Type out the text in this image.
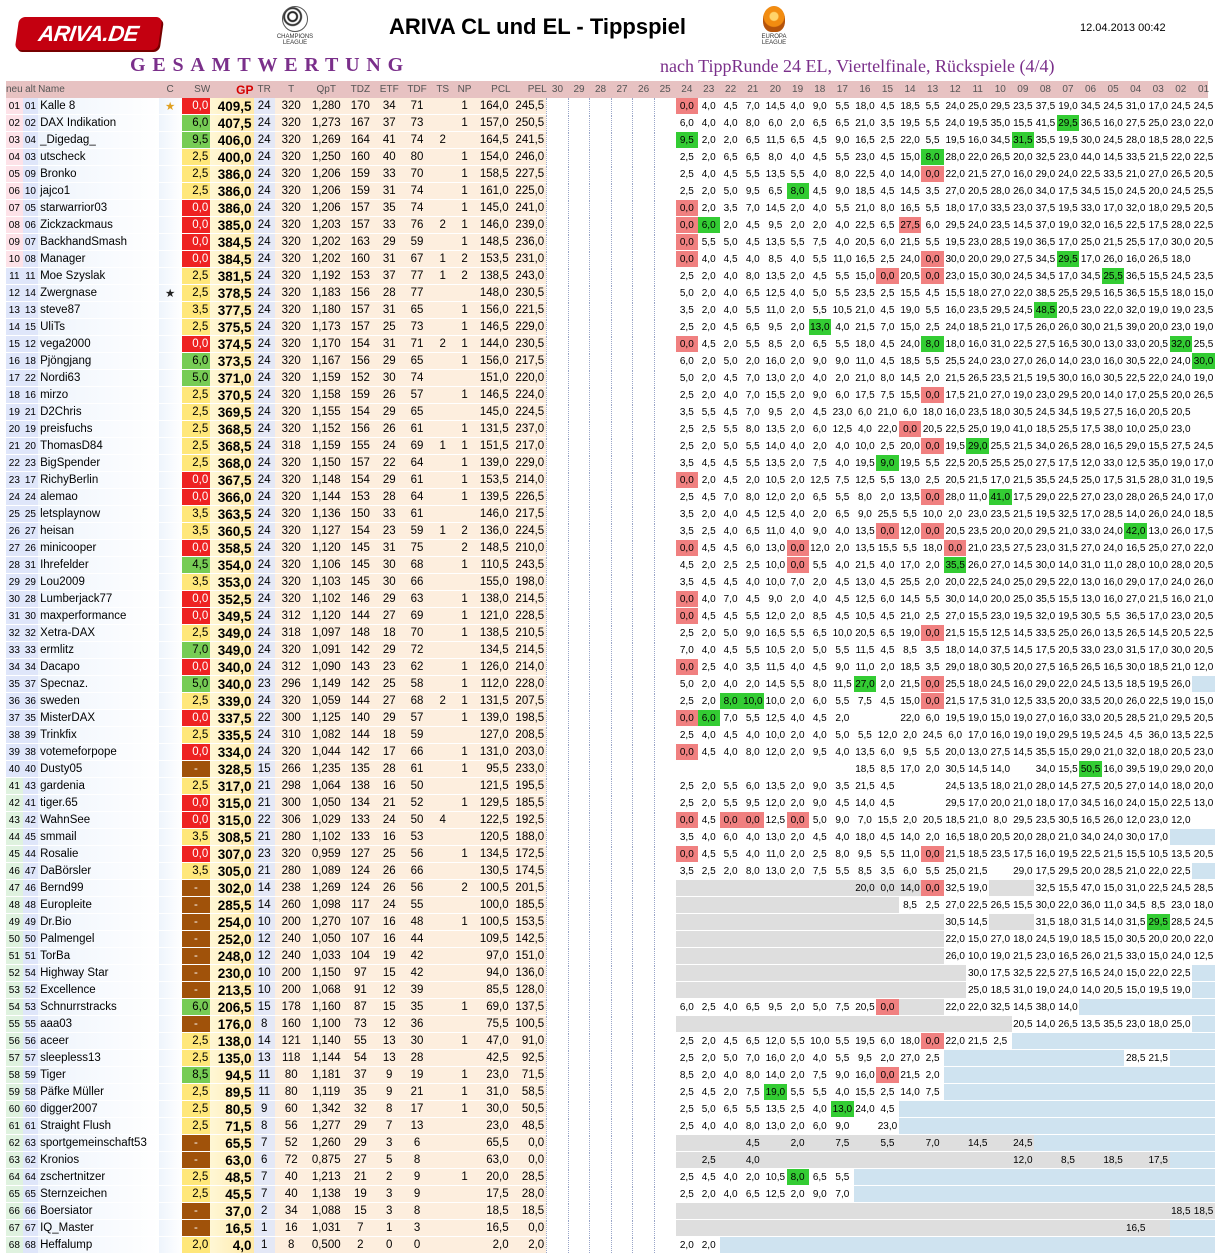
ARIVA.DE	CHAMPIONS
LEAGUE
ARIVA CL und EL - Tippspiel	EUROPA
LEAGUE
12.04.2013 00:42
GESAMTWERTUNG	nach TippRunde 24 EL, Viertelfinale, Rückspiele (4/4)
neu	alt	Name	C	SW	GP	TR	T	QpT	TDZ	ETF	TDF	TS	NP	PCL	PEL	30	29	28	27	26	25	24	23	22	21	20	19	18	17	16	15	14	13	12	11	10	09	08	07	06	05	04	03	02	01
01	01	Kalle 8	★	0,0	409,5	24	320	1,280	170	34	71		1	164,0	245,5							0,0	4,0	4,5	7,0	14,5	4,0	9,0	5,5	18,0	4,5	18,5	5,5	24,0	25,0	29,5	23,5	37,5	19,0	34,5	24,5	31,0	17,0	24,5	24,5
02	02	DAX Indikation		6,0	407,5	24	320	1,273	167	37	73		1	157,0	250,5							6,0	4,0	4,0	8,0	6,0	2,0	6,5	6,5	21,0	3,5	19,5	5,5	24,0	19,5	35,0	15,5	41,5	29,5	36,5	16,0	27,5	25,0	23,0	22,0
03	04	_Digedag_		9,5	406,0	24	320	1,269	164	41	74	2		164,5	241,5							9,5	2,0	2,0	6,5	11,5	6,5	4,5	9,0	16,5	2,5	22,0	5,5	19,5	16,0	34,5	31,5	35,5	19,5	30,0	24,5	28,0	18,5	28,0	22,5
04	03	utscheck		2,5	400,0	24	320	1,250	160	40	80		1	154,0	246,0							2,5	2,0	6,5	6,5	8,0	4,0	4,5	5,5	23,0	4,5	15,0	8,0	28,0	22,0	26,5	20,0	32,5	23,0	44,0	14,5	33,5	21,5	22,0	22,5
05	09	Bronko		2,5	386,0	24	320	1,206	159	33	70		1	158,5	227,5							2,5	4,0	4,5	5,5	13,5	5,5	4,0	8,0	22,5	4,0	14,0	0,0	22,0	21,5	27,0	16,0	29,0	24,0	22,5	33,5	21,0	27,0	26,5	20,5
06	10	jajco1		2,5	386,0	24	320	1,206	159	31	74		1	161,0	225,0							2,5	2,0	5,0	9,5	6,5	8,0	4,5	9,0	18,5	4,5	14,5	3,5	27,0	20,5	28,0	26,0	34,0	17,5	34,5	15,0	24,5	20,0	24,5	25,5
07	05	starwarrior03		0,0	386,0	24	320	1,206	157	35	74		1	145,0	241,0							0,0	2,0	3,5	7,0	14,5	2,0	4,0	5,5	21,0	8,0	16,5	5,5	18,0	17,0	33,5	23,0	37,5	19,5	33,0	17,0	32,0	18,0	29,5	20,5
08	06	Zickzackmaus		0,0	385,0	24	320	1,203	157	33	76	2	1	146,0	239,0							0,0	6,0	2,0	4,5	9,5	2,0	2,0	4,0	22,5	6,5	27,5	6,0	29,5	24,0	23,5	14,5	37,0	19,0	32,0	16,5	22,5	17,5	28,0	22,5
09	07	BackhandSmash		0,0	384,5	24	320	1,202	163	29	59		1	148,5	236,0							0,0	5,5	5,0	4,5	13,5	5,5	7,5	4,0	20,5	6,0	21,5	5,5	19,5	23,0	28,5	19,0	36,5	17,0	25,0	21,5	25,5	17,0	30,0	20,5
10	08	Manager		0,0	384,5	24	320	1,202	160	31	67	1	2	153,5	231,0							0,0	4,0	4,5	4,0	8,5	4,0	5,5	11,0	16,5	2,5	24,0	0,0	30,0	20,0	29,0	27,5	34,5	29,5	17,0	26,0	16,0	26,5	18,0	
11	11	Moe Szyslak		2,5	381,5	24	320	1,192	153	37	77	1	2	138,5	243,0							2,5	2,0	4,0	8,0	13,5	2,0	4,5	5,5	15,0	0,0	20,5	0,0	23,0	15,0	30,0	24,5	34,5	17,0	34,5	25,5	36,5	15,5	24,5	23,5
12	14	Zwergnase	★	2,5	378,5	24	320	1,183	156	28	77			148,0	230,5							5,0	2,0	4,0	6,5	12,5	4,0	5,0	5,5	23,5	2,5	15,5	4,5	15,5	18,0	27,0	22,0	38,5	25,5	29,5	16,5	36,5	15,5	18,0	15,0
13	13	steve87		3,5	377,5	24	320	1,180	157	31	65		1	156,0	221,5							3,5	2,0	4,0	5,5	11,0	2,0	5,5	10,5	21,0	4,5	19,0	5,5	16,0	23,5	29,5	24,5	48,5	20,5	23,0	22,0	32,0	19,0	19,0	23,5
14	15	UliTs		2,5	375,5	24	320	1,173	157	25	73		1	146,5	229,0							2,5	2,0	4,5	6,5	9,5	2,0	13,0	4,0	21,5	7,0	15,0	2,5	24,0	18,5	21,0	17,5	26,0	26,0	30,0	21,5	39,0	20,0	23,0	19,0
15	12	vega2000		0,0	374,5	24	320	1,170	154	31	71	2	1	144,0	230,5							0,0	4,5	2,0	5,5	8,5	2,0	6,5	5,5	18,0	4,5	24,0	8,0	18,0	16,0	31,0	22,5	27,5	16,5	30,0	13,0	33,0	20,5	32,0	25,5
16	18	Pjöngjang		6,0	373,5	24	320	1,167	156	29	65		1	156,0	217,5							6,0	2,0	5,0	2,0	16,0	2,0	9,0	9,0	11,0	4,5	18,5	5,5	25,5	24,0	23,0	27,0	26,0	14,0	23,0	16,0	30,5	22,0	24,0	30,0
17	22	Nordi63		5,0	371,0	24	320	1,159	152	30	74			151,0	220,0							5,0	2,0	4,5	7,0	13,0	2,0	4,0	2,0	21,0	8,0	14,5	2,0	21,5	26,5	23,5	21,5	19,5	30,0	16,0	30,5	22,5	22,0	24,0	19,0
18	16	mirzo		2,5	370,5	24	320	1,158	159	26	57		1	146,5	224,0							2,5	2,0	4,0	7,0	15,5	2,0	9,0	6,0	17,5	7,5	15,5	0,0	17,5	21,0	27,0	19,0	23,0	29,5	20,0	14,0	17,0	25,5	20,0	26,5
19	21	D2Chris		2,5	369,5	24	320	1,155	154	29	65			145,0	224,5							3,5	5,5	4,5	7,0	9,5	2,0	4,5	23,0	6,0	21,0	6,0	18,0	16,0	23,5	18,0	30,5	24,5	34,5	19,5	27,5	16,0	20,5	20,5	
20	19	preisfuchs		2,5	368,5	24	320	1,152	156	26	61		1	131,5	237,0							2,5	2,5	5,5	8,0	13,5	2,0	6,0	12,5	4,0	22,0	0,0	20,5	22,5	25,0	19,0	41,0	18,5	25,5	17,5	38,0	10,0	25,0	23,0	
21	20	ThomasD84		2,5	368,5	24	318	1,159	155	24	69	1	1	151,5	217,0							2,5	2,0	5,0	5,5	14,0	4,0	2,0	4,0	10,0	2,5	20,0	0,0	19,5	29,0	25,5	21,5	34,0	26,5	28,0	16,5	29,0	15,5	27,5	24,5
22	23	BigSpender		2,5	368,0	24	320	1,150	157	22	64		1	139,0	229,0							3,5	4,5	4,5	5,5	13,5	2,0	7,5	4,0	19,5	9,0	19,5	5,5	22,5	20,5	25,5	25,0	27,5	17,5	12,0	33,0	12,5	35,0	19,0	17,0
23	17	RichyBerlin		0,0	367,5	24	320	1,148	154	29	61		1	153,5	214,0							0,0	2,0	4,5	2,0	10,5	2,0	12,5	7,5	12,5	5,5	13,0	2,5	20,5	21,5	17,0	21,5	35,5	24,5	25,0	17,5	31,5	28,0	31,0	19,5
24	24	alemao		0,0	366,0	24	320	1,144	153	28	64		1	139,5	226,5							2,5	4,5	7,0	8,0	12,0	2,0	6,5	5,5	8,0	2,0	13,5	0,0	28,0	11,0	41,0	17,5	29,0	22,5	27,0	23,0	28,0	26,5	24,0	17,0
25	25	letsplaynow		3,5	363,5	24	320	1,136	150	33	61			146,0	217,5							3,5	2,0	4,0	4,5	12,5	4,0	2,0	6,5	9,0	25,5	5,5	10,0	2,0	23,0	23,5	21,5	19,5	32,5	17,0	28,5	14,0	26,0	24,0	18,5
26	27	heisan		3,5	360,5	24	320	1,127	154	23	59	1	2	136,0	224,5							3,5	2,5	4,0	6,5	11,0	4,0	9,0	4,0	13,5	0,0	12,0	0,0	20,5	23,5	20,0	20,0	29,5	21,0	33,0	24,0	42,0	13,0	26,0	17,5
27	26	minicooper		0,0	358,5	24	320	1,120	145	31	75		2	148,5	210,0							0,0	4,5	4,5	6,0	13,0	0,0	12,0	2,0	13,5	15,5	5,5	18,0	0,0	21,0	23,5	27,5	23,0	31,5	27,0	24,0	16,5	25,0	27,0	22,0
28	31	Ihrefelder		4,5	354,0	24	320	1,106	145	30	68		1	110,5	243,5							4,5	2,0	2,5	2,5	10,0	0,0	5,5	4,0	21,5	4,0	17,0	2,0	35,5	26,0	27,0	14,5	30,0	14,0	31,0	11,0	28,0	10,0	28,0	20,5
29	29	Lou2009		3,5	353,0	24	320	1,103	145	30	66			155,0	198,0							3,5	4,5	4,5	4,0	10,0	7,0	2,0	4,5	13,0	4,5	25,5	2,0	20,0	22,5	24,0	25,0	29,5	22,0	13,0	16,0	29,0	17,0	24,0	26,0
30	28	Lumberjack77		0,0	352,5	24	320	1,102	146	29	63		1	138,0	214,5							0,0	4,0	7,0	4,5	9,0	2,0	4,0	4,5	12,5	6,0	14,5	5,5	30,0	14,0	20,0	25,0	35,5	15,5	13,0	16,0	27,0	21,5	16,0	21,0
31	30	maxperformance		0,0	349,5	24	312	1,120	144	27	69		1	121,0	228,5							0,0	4,5	4,5	5,5	12,0	2,0	8,5	4,5	10,5	4,5	21,0	2,5	27,0	15,5	23,0	19,5	32,0	19,5	30,5	5,5	36,5	17,0	23,0	20,5
32	32	Xetra-DAX		2,5	349,0	24	318	1,097	148	18	70		1	138,5	210,5							2,5	2,0	5,0	9,0	16,5	5,5	6,5	10,0	20,5	6,5	19,0	0,0	21,5	15,5	12,5	14,5	33,5	25,0	26,0	13,5	26,5	14,5	20,5	22,5
33	33	ermlitz		7,0	349,0	24	320	1,091	142	29	72			134,5	214,5							7,0	4,0	4,5	5,5	10,5	2,0	5,0	5,5	11,5	4,5	8,5	3,5	18,0	14,0	37,5	14,5	17,5	20,5	33,0	23,0	31,5	17,0	30,0	20,5
34	34	Dacapo		0,0	340,0	24	312	1,090	143	23	62		1	126,0	214,0							0,0	2,5	4,0	3,5	11,5	4,0	4,5	9,0	11,0	2,0	18,5	3,5	29,0	18,0	30,5	20,0	27,5	16,5	26,5	16,5	30,0	18,5	21,0	12,0
35	37	Specnaz.		5,0	340,0	23	296	1,149	142	25	58		1	112,0	228,0							5,0	2,0	4,0	2,0	14,5	5,5	8,0	11,5	27,0	2,0	21,5	0,0	25,5	18,0	24,5	16,0	29,0	22,0	24,5	13,5	18,5	19,5	26,0	
36	36	sweden		2,5	339,0	24	320	1,059	144	27	68	2	1	131,5	207,5							2,5	2,0	8,0	10,0	10,0	2,0	6,0	5,5	7,5	4,5	15,0	0,0	21,5	17,5	31,0	12,5	33,5	20,0	33,5	20,0	26,0	22,5	19,0	15,0
37	35	MisterDAX		0,0	337,5	22	300	1,125	140	29	57		1	139,0	198,5							0,0	6,0	7,0	5,5	12,5	4,0	4,5	2,0			22,0	6,0	19,5	19,0	15,0	19,0	27,0	16,0	33,0	20,5	28,5	21,0	29,5	20,5
38	39	Trinkfix		2,5	335,5	24	310	1,082	144	18	59			127,0	208,5							2,5	4,0	4,5	4,0	10,0	2,0	4,0	5,0	5,5	12,0	2,0	24,5	6,0	17,0	16,0	19,0	19,0	29,5	19,5	24,5	4,5	36,0	13,5	22,5
39	38	votemeforpope		0,0	334,0	24	320	1,044	142	17	66		1	131,0	203,0							0,0	4,5	4,0	8,0	12,0	2,0	9,5	4,0	13,5	6,0	9,5	5,5	20,0	13,0	27,5	14,5	35,5	15,0	29,0	21,0	32,0	18,0	20,5	23,0
40	40	Dusty05		-	328,5	15	266	1,235	135	28	61		1	95,5	233,0															18,5	8,5	17,0	2,0	30,5	14,5	14,0		34,0	15,5	50,5	16,0	39,5	19,0	29,0	20,0
41	43	gardenia		2,5	317,0	21	298	1,064	138	16	50			121,5	195,5							2,5	2,0	5,5	6,0	13,5	2,0	9,0	3,5	21,5	4,5			24,5	13,5	18,0	21,0	28,0	14,5	27,5	20,5	27,0	14,0	18,0	20,0
42	41	tiger.65		0,0	315,0	21	300	1,050	134	21	52		1	129,5	185,5							2,5	2,0	5,5	9,5	12,0	2,0	9,0	4,5	14,0	4,5			29,5	17,0	20,0	21,0	18,0	17,0	34,5	16,0	24,0	15,0	22,5	13,0
43	42	WahnSee		0,0	315,0	22	306	1,029	133	24	50	4		122,5	192,5							0,0	4,5	0,0	0,0	12,5	0,0	5,0	9,0	7,0	15,5	2,0	20,5	18,5	21,0	8,0	29,5	23,5	30,5	16,5	26,0	12,0	23,0	12,0	
44	45	smmail		3,5	308,5	21	280	1,102	133	16	53			120,5	188,0							3,5	4,0	6,0	4,0	13,0	2,0	4,5	4,0	18,0	4,5	14,0	2,0	16,5	18,0	20,5	20,0	28,0	21,0	34,0	24,0	30,0	17,0		
45	44	Rosalie		0,0	307,0	23	320	0,959	127	25	56		1	134,5	172,5							0,0	4,5	5,5	4,0	11,0	2,0	2,5	8,0	9,5	5,5	11,0	0,0	21,5	18,5	23,5	17,5	16,0	19,5	22,5	21,5	15,5	10,5	13,5	20,5
46	47	DaBörsler		3,5	305,0	21	280	1,089	124	26	66			130,5	174,5							3,5	2,5	2,0	8,0	13,0	2,0	7,5	5,5	8,5	3,5	6,0	5,5	25,0	21,5		29,0	17,5	29,5	20,0	28,5	21,0	22,0	22,5	
47	46	Bernd99		-	302,0	14	238	1,269	124	26	56		2	100,5	201,5															20,0	0,0	14,0	0,0	32,5	19,0			32,5	15,5	47,0	15,0	31,0	22,5	24,5	28,5
48	48	Europleite		-	285,5	14	260	1,098	117	24	55			100,0	185,5																	8,5	2,5	27,0	22,5	26,5	15,5	30,0	22,0	36,0	11,0	34,5	8,5	23,0	18,0
49	49	Dr.Bio		-	254,0	10	200	1,270	107	16	48		1	100,5	153,5																			30,5	14,5			31,5	18,0	31,5	14,0	31,5	29,5	28,5	24,5
50	50	Palmengel		-	252,0	12	240	1,050	107	16	44			109,5	142,5																			22,0	15,0	27,0	18,0	24,5	19,0	18,5	15,0	30,5	20,0	20,0	22,0
51	51	TorBa		-	248,0	12	240	1,033	104	19	42			97,0	151,0																			26,0	10,0	19,0	21,5	23,0	16,5	26,0	21,5	33,0	15,0	24,0	12,5
52	54	Highway Star		-	230,0	10	200	1,150	97	15	42			94,0	136,0																				30,0	17,5	32,5	22,5	27,5	16,5	24,0	15,0	22,0	22,5	
53	52	Excellence		-	213,5	10	200	1,068	91	12	39			85,5	128,0																				25,0	18,5	31,0	19,0	24,0	14,0	20,5	15,0	19,5	19,0	
54	53	Schnurrstracks		6,0	206,5	15	178	1,160	87	15	35		1	69,0	137,5							6,0	2,5	4,0	6,5	9,5	2,0	5,0	7,5	20,5	0,0			22,0	22,0	32,5	14,5	38,0	14,0						
55	55	aaa03		-	176,0	8	160	1,100	73	12	36			75,5	100,5																						20,5	14,0	26,5	13,5	35,5	23,0	18,0	25,0	
56	56	aceer		2,5	138,0	14	121	1,140	55	13	30		1	47,0	91,0							2,5	2,0	4,5	6,5	12,0	5,5	10,0	5,5	19,5	6,0	18,0	0,0	22,0	21,5	2,5									
57	57	sleepless13		2,5	135,0	13	118	1,144	54	13	28			42,5	92,5							2,5	2,0	5,0	7,0	16,0	2,0	4,0	5,5	9,5	2,0	27,0	2,5									28,5	21,5		
58	59	Tiger		8,5	94,5	11	80	1,181	37	9	19		1	23,0	71,5							8,5	2,0	4,0	8,0	14,0	2,0	7,5	9,0	16,0	0,0	21,5	2,0												
59	58	Päfke Müller		2,5	89,5	11	80	1,119	35	9	21		1	31,0	58,5							2,5	4,5	2,0	7,5	19,0	5,5	5,5	4,0	15,5	2,5	14,0	7,5												
60	60	digger2007		2,5	80,5	9	60	1,342	32	8	17		1	30,0	50,5							2,5	5,0	6,5	5,5	13,5	2,5	4,0	13,0	24,0	4,5														
61	61	Straight Flush		2,5	71,5	8	56	1,277	29	7	13			23,0	48,5							2,5	4,0	4,0	8,0	13,0	2,0	6,0	9,0		23,0														
62	63	sportgemeinschaft53		-	65,5	7	52	1,260	29	3	6			65,5	0,0										4,5		2,0		7,5		5,5		7,0		14,5		24,5								
63	62	Kronios		-	63,0	6	72	0,875	27	5	8			63,0	0,0								2,5		4,0												12,0		8,5		18,5		17,5		
64	64	zschertnitzer		2,5	48,5	7	40	1,213	21	2	9		1	20,0	28,5							2,5	4,5	4,0	2,0	10,5	8,0	6,5	5,5																
65	65	Sternzeichen		2,5	45,5	7	40	1,138	19	3	9			17,5	28,0							2,5	2,0	4,0	6,5	12,5	2,0	9,0	7,0																
66	66	Boersiator		-	37,0	2	34	1,088	15	3	8			18,5	18,5																													18,5	18,5
67	67	IQ_Master		-	16,5	1	16	1,031	7	1	3			16,5	0,0																											16,5			
68	68	Heffalump		2,0	4,0	1	8	0,500	2	0	0			2,0	2,0							2,0	2,0																						
